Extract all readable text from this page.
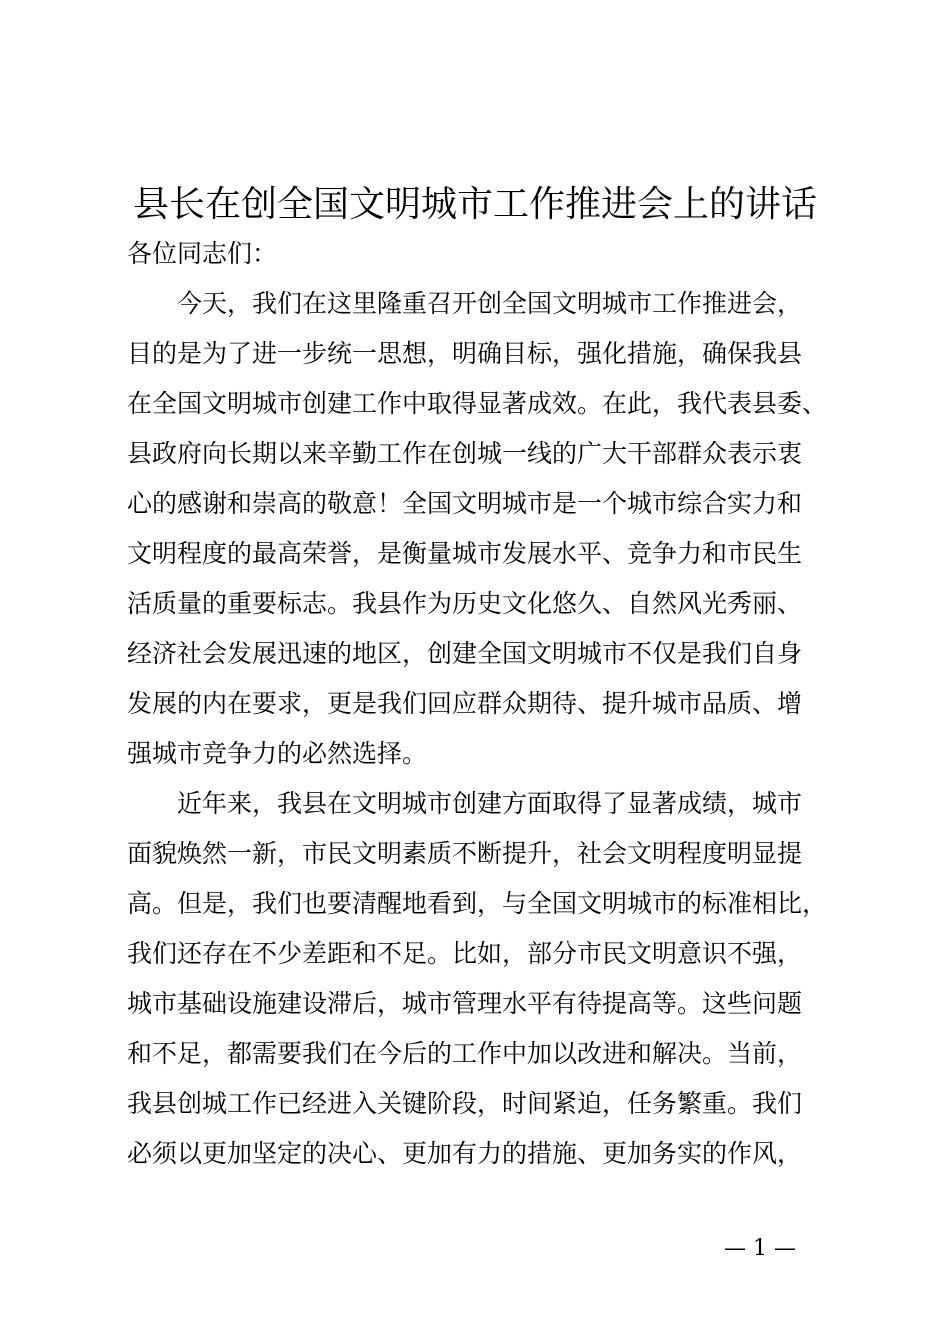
县长在创全国文明城市工作推进会上的讲话
各位同志们：
今天，我们在这里隆重召开创全国文明城市工作推进会，
目的是为了进一步统一思想，明确目标，强化措施，确保我县
在全国文明城市创建工作中取得显著成效。在此，我代表县委、
县政府向长期以来辛勤工作在创城一线的广大干部群众表示衷
心的感谢和崇高的敬意！全国文明城市是一个城市综合实力和
文明程度的最高荣誉，是衡量城市发展水平、竞争力和市民生
活质量的重要标志。我县作为历史文化悠久、自然风光秀丽、
经济社会发展迅速的地区，创建全国文明城市不仅是我们自身
发展的内在要求，更是我们回应群众期待、提升城市品质、增
强城市竞争力的必然选择。
近年来，我县在文明城市创建方面取得了显著成绩，城市
面貌焕然一新，市民文明素质不断提升，社会文明程度明显提
高。但是，我们也要清醒地看到，与全国文明城市的标准相比，
我们还存在不少差距和不足。比如，部分市民文明意识不强，
城市基础设施建设滞后，城市管理水平有待提高等。这些问题
和不足，都需要我们在今后的工作中加以改进和解决。当前，
我县创城工作已经进入关键阶段，时间紧迫，任务繁重。我们
必须以更加坚定的决心、更加有力的措施、更加务实的作风，
— 1 —
